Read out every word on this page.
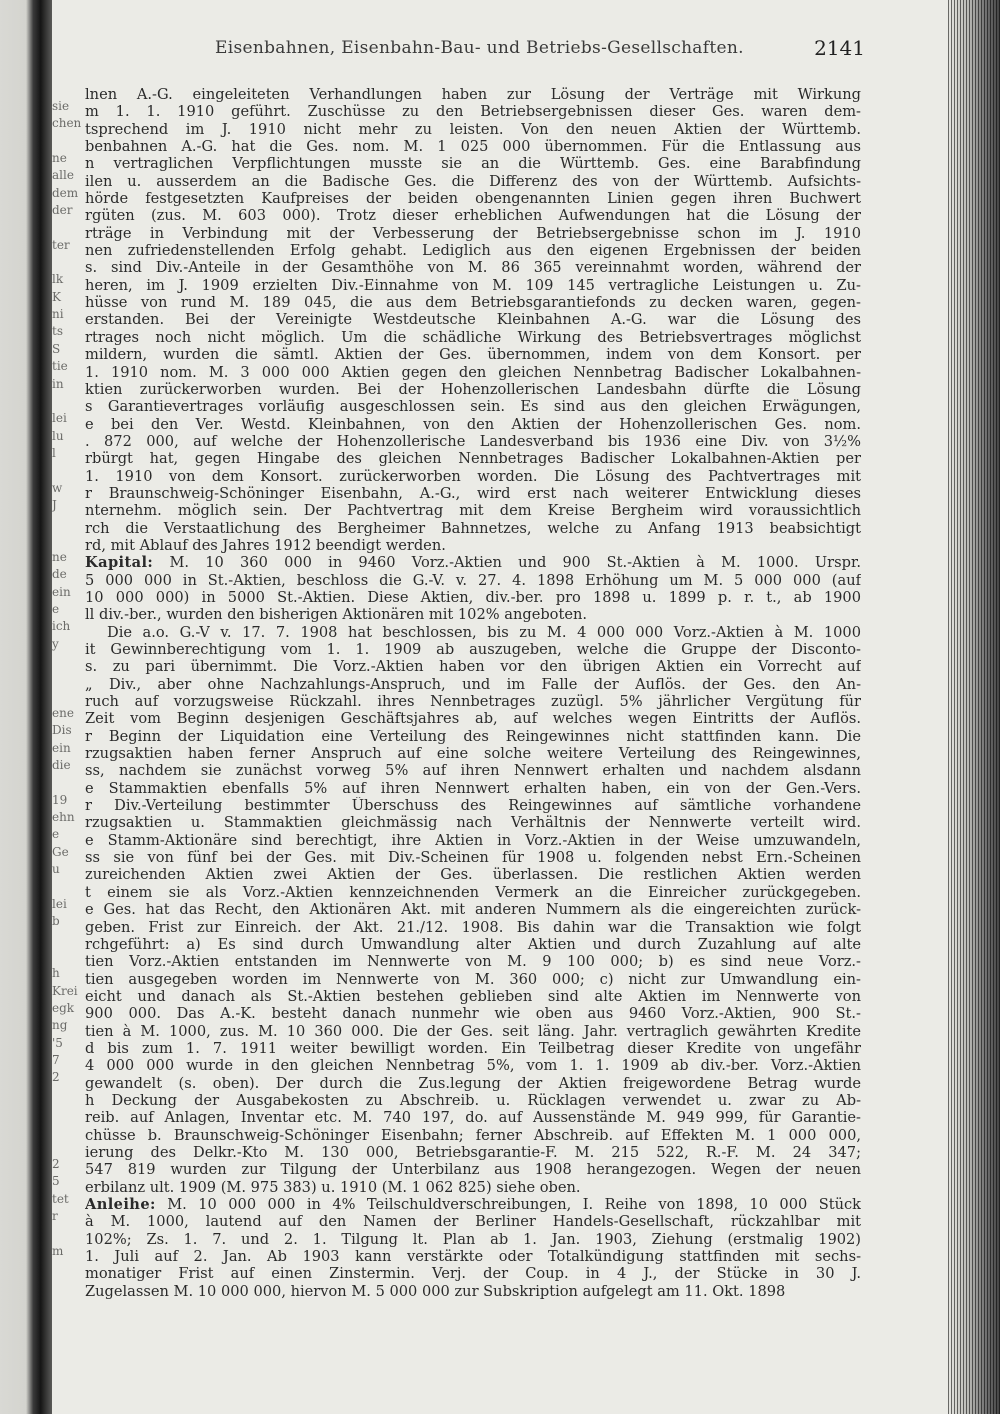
sie
chen
ne
alle
dem
der
ter
lk
K
ni
ts
S
tie
in
lei
lu
l
w
J
ne
de
ein
e
ich
y
ene
Dis
ein
die
19
ehn
e
Ge
u
lei
b
h
Krei
egk
ng
'5
7
2
2
5
tet
r
m
Eisenbahnen, Eisenbahn-Bau- und Betriebs-Gesellschaften.	2141
lnen A.-G. eingeleiteten Verhandlungen haben zur Lösung der Verträge mit Wirkung
m 1. 1. 1910 geführt. Zuschüsse zu den Betriebsergebnissen dieser Ges. waren dem-
tsprechend im J. 1910 nicht mehr zu leisten. Von den neuen Aktien der Württemb.
benbahnen A.-G. hat die Ges. nom. M. 1 025 000 übernommen. Für die Entlassung aus
n vertraglichen Verpflichtungen musste sie an die Württemb. Ges. eine Barabfindung
ilen u. ausserdem an die Badische Ges. die Differenz des von der Württemb. Aufsichts-
hörde festgesetzten Kaufpreises der beiden obengenannten Linien gegen ihren Buchwert
rgüten (zus. M. 603 000). Trotz dieser erheblichen Aufwendungen hat die Lösung der
rträge in Verbindung mit der Verbesserung der Betriebsergebnisse schon im J. 1910
nen zufriedenstellenden Erfolg gehabt. Lediglich aus den eigenen Ergebnissen der beiden
s. sind Div.-Anteile in der Gesamthöhe von M. 86 365 vereinnahmt worden, während der
heren, im J. 1909 erzielten Div.-Einnahme von M. 109 145 vertragliche Leistungen u. Zu-
hüsse von rund M. 189 045, die aus dem Betriebsgarantiefonds zu decken waren, gegen-
erstanden. Bei der Vereinigte Westdeutsche Kleinbahnen A.-G. war die Lösung des
rtrages noch nicht möglich. Um die schädliche Wirkung des Betriebsvertrages möglichst
mildern, wurden die sämtl. Aktien der Ges. übernommen, indem von dem Konsort. per
1. 1910 nom. M. 3 000 000 Aktien gegen den gleichen Nennbetrag Badischer Lokalbahnen-
ktien zurückerworben wurden. Bei der Hohenzollerischen Landesbahn dürfte die Lösung
s Garantievertrages vorläufig ausgeschlossen sein. Es sind aus den gleichen Erwägungen,
e bei den Ver. Westd. Kleinbahnen, von den Aktien der Hohenzollerischen Ges. nom.
. 872 000, auf welche der Hohenzollerische Landesverband bis 1936 eine Div. von 3½%
rbürgt hat, gegen Hingabe des gleichen Nennbetrages Badischer Lokalbahnen-Aktien per
1. 1910 von dem Konsort. zurückerworben worden. Die Lösung des Pachtvertrages mit
r Braunschweig-Schöninger Eisenbahn, A.-G., wird erst nach weiterer Entwicklung dieses
nternehm. möglich sein. Der Pachtvertrag mit dem Kreise Bergheim wird voraussichtlich
rch die Verstaatlichung des Bergheimer Bahnnetzes, welche zu Anfang 1913 beabsichtigt
rd, mit Ablauf des Jahres 1912 beendigt werden.
Kapital: M. 10 360 000 in 9460 Vorz.-Aktien und 900 St.-Aktien à M. 1000. Urspr.
5 000 000 in St.-Aktien, beschloss die G.-V. v. 27. 4. 1898 Erhöhung um M. 5 000 000 (auf
10 000 000) in 5000 St.-Aktien. Diese Aktien, div.-ber. pro 1898 u. 1899 p. r. t., ab 1900
ll div.-ber., wurden den bisherigen Aktionären mit 102% angeboten.
Die a.o. G.-V v. 17. 7. 1908 hat beschlossen, bis zu M. 4 000 000 Vorz.-Aktien à M. 1000
it Gewinnberechtigung vom 1. 1. 1909 ab auszugeben, welche die Gruppe der Disconto-
s. zu pari übernimmt. Die Vorz.-Aktien haben vor den übrigen Aktien ein Vorrecht auf
„ Div., aber ohne Nachzahlungs-Anspruch, und im Falle der Auflös. der Ges. den An-
ruch auf vorzugsweise Rückzahl. ihres Nennbetrages zuzügl. 5% jährlicher Vergütung für
Zeit vom Beginn desjenigen Geschäftsjahres ab, auf welches wegen Eintritts der Auflös.
r Beginn der Liquidation eine Verteilung des Reingewinnes nicht stattfinden kann. Die
rzugsaktien haben ferner Anspruch auf eine solche weitere Verteilung des Reingewinnes,
ss, nachdem sie zunächst vorweg 5% auf ihren Nennwert erhalten und nachdem alsdann
e Stammaktien ebenfalls 5% auf ihren Nennwert erhalten haben, ein von der Gen.-Vers.
r Div.-Verteilung bestimmter Überschuss des Reingewinnes auf sämtliche vorhandene
rzugsaktien u. Stammaktien gleichmässig nach Verhältnis der Nennwerte verteilt wird.
e Stamm-Aktionäre sind berechtigt, ihre Aktien in Vorz.-Aktien in der Weise umzuwandeln,
ss sie von fünf bei der Ges. mit Div.-Scheinen für 1908 u. folgenden nebst Ern.-Scheinen
zureichenden Aktien zwei Aktien der Ges. überlassen. Die restlichen Aktien werden
t einem sie als Vorz.-Aktien kennzeichnenden Vermerk an die Einreicher zurückgegeben.
e Ges. hat das Recht, den Aktionären Akt. mit anderen Nummern als die eingereichten zurück-
geben. Frist zur Einreich. der Akt. 21./12. 1908. Bis dahin war die Transaktion wie folgt
rchgeführt: a) Es sind durch Umwandlung alter Aktien und durch Zuzahlung auf alte
tien Vorz.-Aktien entstanden im Nennwerte von M. 9 100 000; b) es sind neue Vorz.-
tien ausgegeben worden im Nennwerte von M. 360 000; c) nicht zur Umwandlung ein-
eicht und danach als St.-Aktien bestehen geblieben sind alte Aktien im Nennwerte von
900 000. Das A.-K. besteht danach nunmehr wie oben aus 9460 Vorz.-Aktien, 900 St.-
tien à M. 1000, zus. M. 10 360 000. Die der Ges. seit läng. Jahr. vertraglich gewährten Kredite
d bis zum 1. 7. 1911 weiter bewilligt worden. Ein Teilbetrag dieser Kredite von ungefähr
4 000 000 wurde in den gleichen Nennbetrag 5%, vom 1. 1. 1909 ab div.-ber. Vorz.-Aktien
gewandelt (s. oben). Der durch die Zus.legung der Aktien freigewordene Betrag wurde
h Deckung der Ausgabekosten zu Abschreib. u. Rücklagen verwendet u. zwar zu Ab-
reib. auf Anlagen, Inventar etc. M. 740 197, do. auf Aussenstände M. 949 999, für Garantie-
chüsse b. Braunschweig-Schöninger Eisenbahn; ferner Abschreib. auf Effekten M. 1 000 000,
ierung des Delkr.-Kto M. 130 000, Betriebsgarantie-F. M. 215 522, R.-F. M. 24 347;
547 819 wurden zur Tilgung der Unterbilanz aus 1908 herangezogen. Wegen der neuen
erbilanz ult. 1909 (M. 975 383) u. 1910 (M. 1 062 825) siehe oben.
Anleihe: M. 10 000 000 in 4% Teilschuldverschreibungen, I. Reihe von 1898, 10 000 Stück
à M. 1000, lautend auf den Namen der Berliner Handels-Gesellschaft, rückzahlbar mit
102%; Zs. 1. 7. und 2. 1. Tilgung lt. Plan ab 1. Jan. 1903, Ziehung (erstmalig 1902)
1. Juli auf 2. Jan. Ab 1903 kann verstärkte oder Totalkündigung stattfinden mit sechs-
monatiger Frist auf einen Zinstermin. Verj. der Coup. in 4 J., der Stücke in 30 J.
Zugelassen M. 10 000 000, hiervon M. 5 000 000 zur Subskription aufgelegt am 11. Okt. 1898
